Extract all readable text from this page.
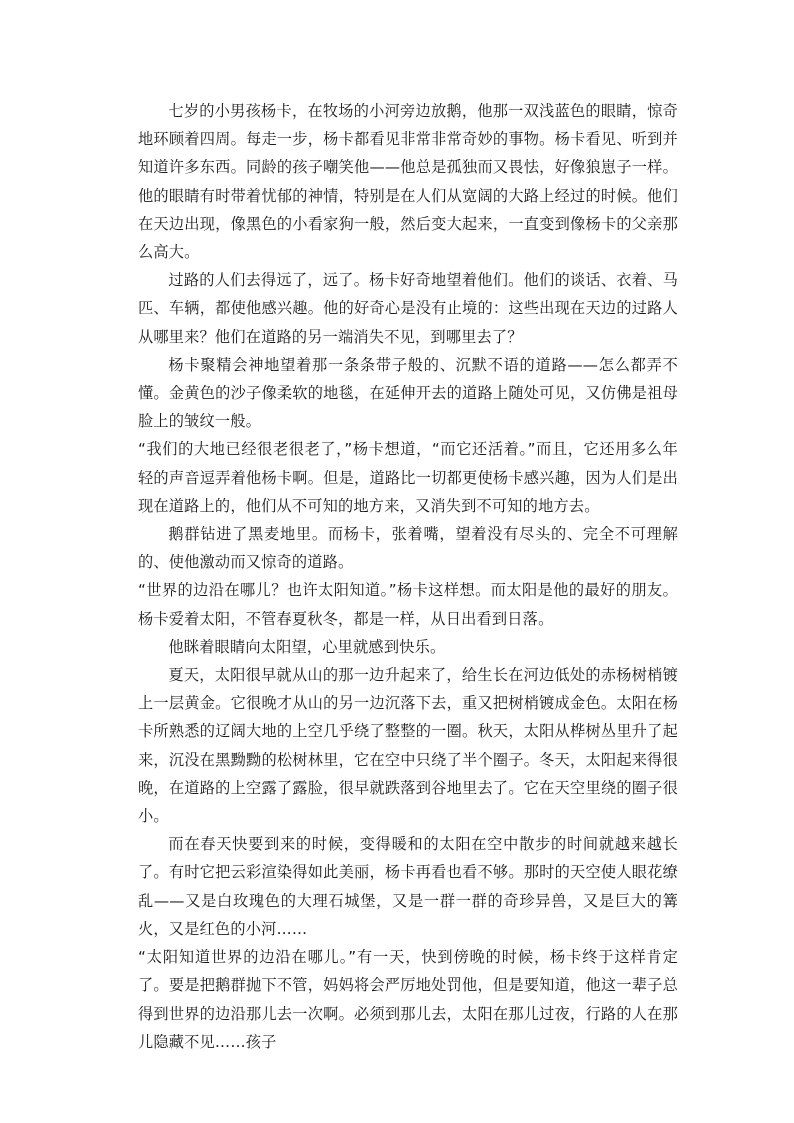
七岁的小男孩杨卡，在牧场的小河旁边放鹅，他那一双浅蓝色的眼睛，惊奇地环顾着四周。每走一步，杨卡都看见非常非常奇妙的事物。杨卡看见、听到并知道许多东西。同龄的孩子嘲笑他——他总是孤独而又畏怯，好像狼崽子一样。他的眼睛有时带着忧郁的神情，特别是在人们从宽阔的大路上经过的时候。他们在天边出现，像黑色的小看家狗一般，然后变大起来，一直变到像杨卡的父亲那么高大。

过路的人们去得远了，远了。杨卡好奇地望着他们。他们的谈话、衣着、马匹、车辆，都使他感兴趣。他的好奇心是没有止境的：这些出现在天边的过路人从哪里来？他们在道路的另一端消失不见，到哪里去了？

杨卡聚精会神地望着那一条条带子般的、沉默不语的道路——怎么都弄不懂。金黄色的沙子像柔软的地毯，在延伸开去的道路上随处可见，又仿佛是祖母脸上的皱纹一般。

“我们的大地已经很老很老了，”杨卡想道，“而它还活着。”而且，它还用多么年轻的声音逗弄着他杨卡啊。但是，道路比一切都更使杨卡感兴趣，因为人们是出现在道路上的，他们从不可知的地方来，又消失到不可知的地方去。

鹅群钻进了黑麦地里。而杨卡，张着嘴，望着没有尽头的、完全不可理解的、使他激动而又惊奇的道路。

“世界的边沿在哪儿？也许太阳知道。”杨卡这样想。而太阳是他的最好的朋友。杨卡爱着太阳，不管春夏秋冬，都是一样，从日出看到日落。

他眯着眼睛向太阳望，心里就感到快乐。

夏天，太阳很早就从山的那一边升起来了，给生长在河边低处的赤杨树梢镀上一层黄金。它很晚才从山的另一边沉落下去，重又把树梢镀成金色。太阳在杨卡所熟悉的辽阔大地的上空几乎绕了整整的一圈。秋天，太阳从桦树丛里升了起来，沉没在黑黝黝的松树林里，它在空中只绕了半个圈子。冬天，太阳起来得很晚，在道路的上空露了露脸，很早就跌落到谷地里去了。它在天空里绕的圈子很小。

而在春天快要到来的时候，变得暖和的太阳在空中散步的时间就越来越长了。有时它把云彩渲染得如此美丽，杨卡再看也看不够。那时的天空使人眼花缭乱——又是白玫瑰色的大理石城堡，又是一群一群的奇珍异兽，又是巨大的篝火，又是红色的小河……

“太阳知道世界的边沿在哪儿。”有一天，快到傍晚的时候，杨卡终于这样肯定了。要是把鹅群抛下不管，妈妈将会严厉地处罚他，但是要知道，他这一辈子总得到世界的边沿那儿去一次啊。必须到那儿去，太阳在那儿过夜，行路的人在那儿隐藏不见……孩子
